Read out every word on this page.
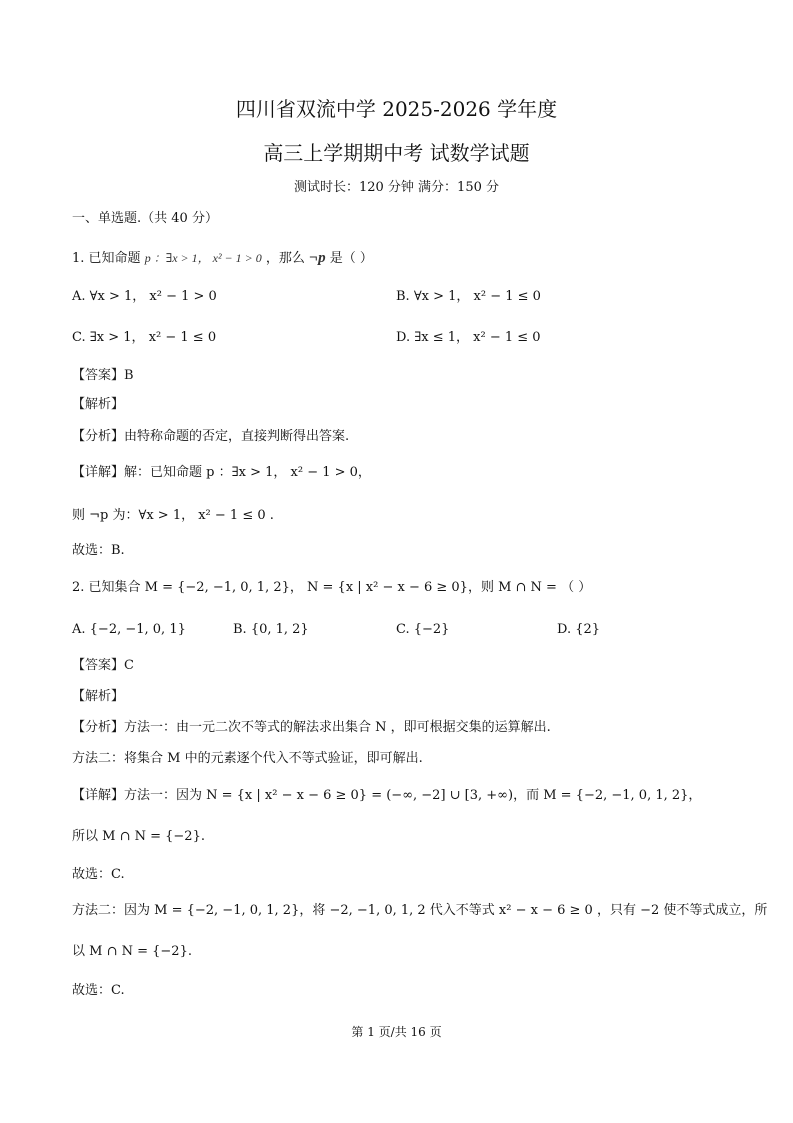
四川省双流中学 2025-2026 学年度
高三上学期期中考 试数学试题
测试时长：120 分钟 满分：150 分
一、单选题.（共 40 分）
1. 已知命题 p ：∃x > 1， x² − 1 > 0 ，那么 ¬p 是（ ）
A. ∀x > 1， x² − 1 > 0	B. ∀x > 1， x² − 1 ≤ 0
C. ∃x > 1， x² − 1 ≤ 0	D. ∃x ≤ 1， x² − 1 ≤ 0
【答案】B
【解析】
【分析】由特称命题的否定，直接判断得出答案.
【详解】解：已知命题 p ：∃x > 1， x² − 1 > 0，
则 ¬p 为：∀x > 1， x² − 1 ≤ 0 .
故选：B.
2. 已知集合 M = {−2, −1, 0, 1, 2}， N = {x | x² − x − 6 ≥ 0}，则 M ∩ N = （ ）
A. {−2, −1, 0, 1}	B. {0, 1, 2}	C. {−2}	D. {2}
【答案】C
【解析】
【分析】方法一：由一元二次不等式的解法求出集合 N ，即可根据交集的运算解出.
方法二：将集合 M 中的元素逐个代入不等式验证，即可解出.
【详解】方法一：因为 N = {x | x² − x − 6 ≥ 0} = (−∞, −2] ∪ [3, +∞)，而 M = {−2, −1, 0, 1, 2}，
所以 M ∩ N = {−2}.
故选：C.
方法二：因为 M = {−2, −1, 0, 1, 2}，将 −2, −1, 0, 1, 2 代入不等式 x² − x − 6 ≥ 0 ，只有 −2 使不等式成立，所
以 M ∩ N = {−2}.
故选：C.
第 1 页/共 16 页
